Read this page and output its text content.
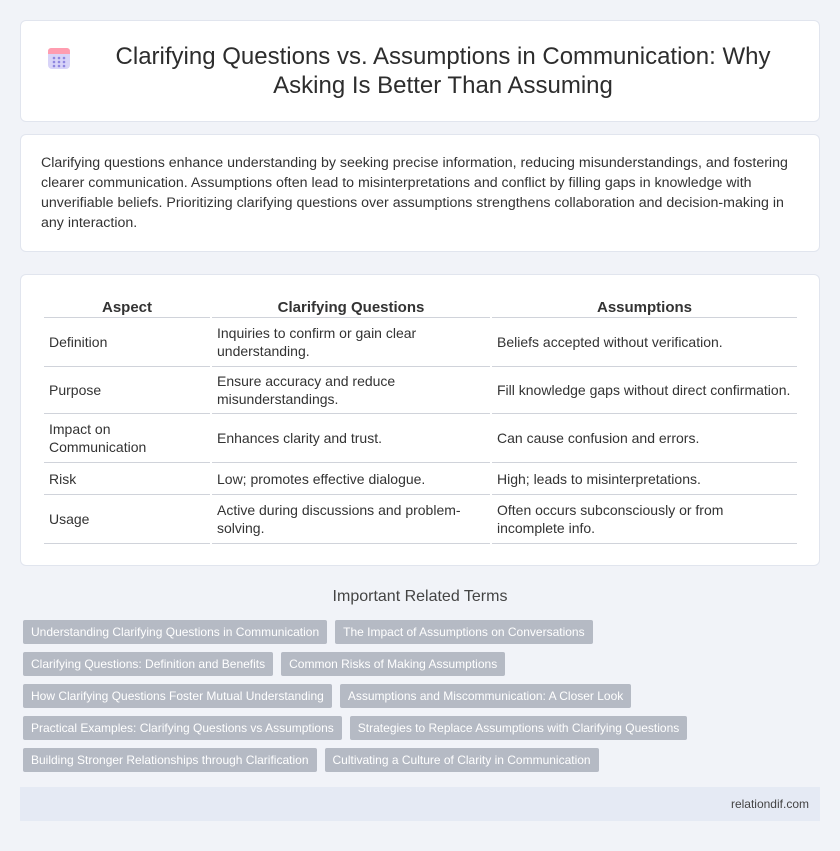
Clarifying Questions vs. Assumptions in Communication: Why Asking Is Better Than Assuming

Clarifying questions enhance understanding by seeking precise information, reducing misunderstandings, and fostering clearer communication. Assumptions often lead to misinterpretations and conflict by filling gaps in knowledge with unverifiable beliefs. Prioritizing clarifying questions over assumptions strengthens collaboration and decision-making in any interaction.

Aspect	Clarifying Questions	Assumptions
Definition	Inquiries to confirm or gain clear understanding.	Beliefs accepted without verification.
Purpose	Ensure accuracy and reduce misunderstandings.	Fill knowledge gaps without direct confirmation.
Impact on Communication	Enhances clarity and trust.	Can cause confusion and errors.
Risk	Low; promotes effective dialogue.	High; leads to misinterpretations.
Usage	Active during discussions and problem-solving.	Often occurs subconsciously or from incomplete info.
Important Related Terms
Understanding Clarifying Questions in Communication	The Impact of Assumptions on Conversations
Clarifying Questions: Definition and Benefits	Common Risks of Making Assumptions
How Clarifying Questions Foster Mutual Understanding	Assumptions and Miscommunication: A Closer Look
Practical Examples: Clarifying Questions vs Assumptions	Strategies to Replace Assumptions with Clarifying Questions
Building Stronger Relationships through Clarification	Cultivating a Culture of Clarity in Communication
relationdif.com
